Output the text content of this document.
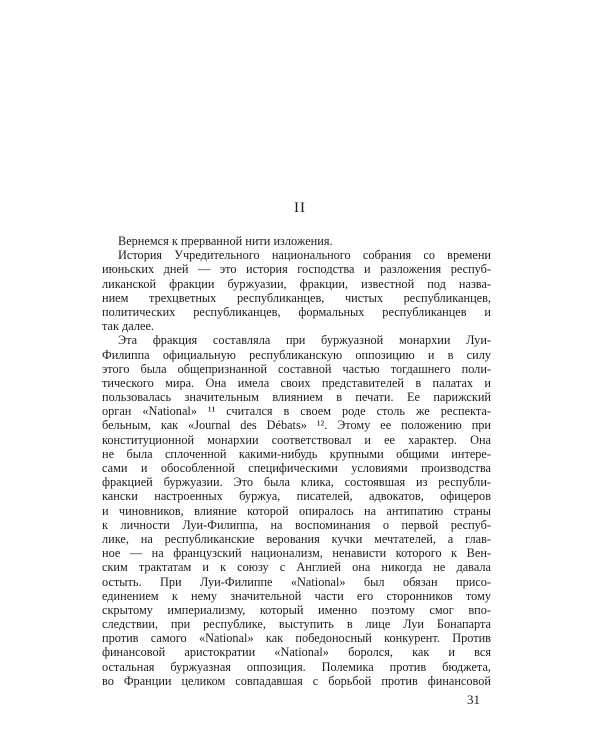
II
Вернемся к прерванной нити изложения.
История Учредительного национального собрания со времени
июньских дней — это история господства и разложения респуб-
ликанской фракции буржуазии, фракции, известной под назва-
нием трехцветных республиканцев, чистых республиканцев,
политических республиканцев, формальных республиканцев и
так далее.
Эта фракция составляла при буржуазной монархии Луи-
Филиппа официальную республиканскую оппозицию и в силу
этого была общепризнанной составной частью тогдашнего поли-
тического мира. Она имела своих представителей в палатах и
пользовалась значительным влиянием в печати. Ее парижский
орган «National» ¹¹ считался в своем роде столь же респекта-
бельным, как «Journal des Débats» ¹². Этому ее положению при
конституционной монархии соответствовал и ее характер. Она
не была сплоченной какими-нибудь крупными общими интере-
сами и обособленной специфическими условиями производства
фракцией буржуазии. Это была клика, состоявшая из республи-
кански настроенных буржуа, писателей, адвокатов, офицеров
и чиновников, влияние которой опиралось на антипатию страны
к личности Луи-Филиппа, на воспоминания о первой респуб-
лике, на республиканские верования кучки мечтателей, а глав-
ное — на французский национализм, ненависти которого к Вен-
ским трактатам и к союзу с Англией она никогда не давала
остыть. При Луи-Филиппе «National» был обязан присо-
единением к нему значительной части его сторонников тому
скрытому империализму, который именно поэтому смог впо-
следствии, при республике, выступить в лице Луи Бонапарта
против самого «National» как победоносный конкурент. Против
финансовой аристократии «National» боролся, как и вся
остальная буржуазная оппозиция. Полемика против бюджета,
во Франции целиком совпадавшая с борьбой против финансовой
31
